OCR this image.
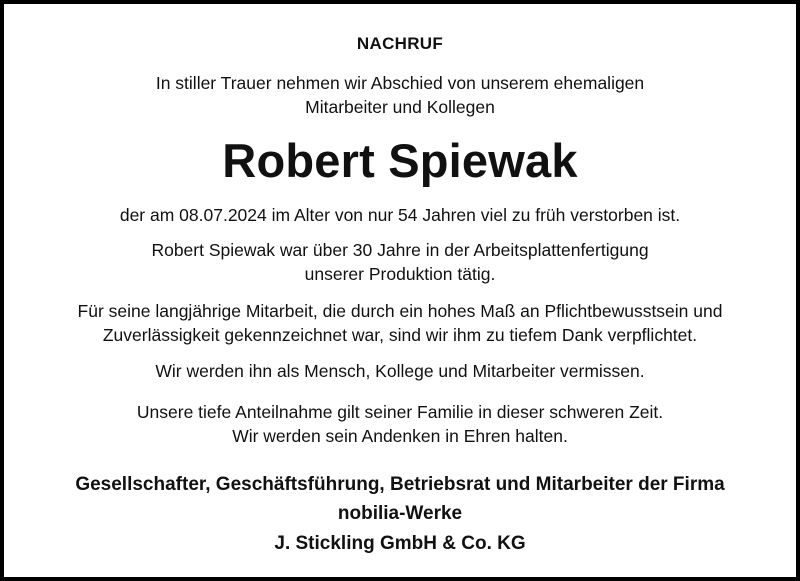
NACHRUF
In stiller Trauer nehmen wir Abschied von unserem ehemaligen
Mitarbeiter und Kollegen
Robert Spiewak
der am 08.07.2024 im Alter von nur 54 Jahren viel zu früh verstorben ist.
Robert Spiewak war über 30 Jahre in der Arbeitsplattenfertigung
unserer Produktion tätig.
Für seine langjährige Mitarbeit, die durch ein hohes Maß an Pflichtbewusstsein und
Zuverlässigkeit gekennzeichnet war, sind wir ihm zu tiefem Dank verpflichtet.
Wir werden ihn als Mensch, Kollege und Mitarbeiter vermissen.
Unsere tiefe Anteilnahme gilt seiner Familie in dieser schweren Zeit.
Wir werden sein Andenken in Ehren halten.
Gesellschafter, Geschäftsführung, Betriebsrat und Mitarbeiter der Firma
nobilia-Werke
J. Stickling GmbH & Co. KG
